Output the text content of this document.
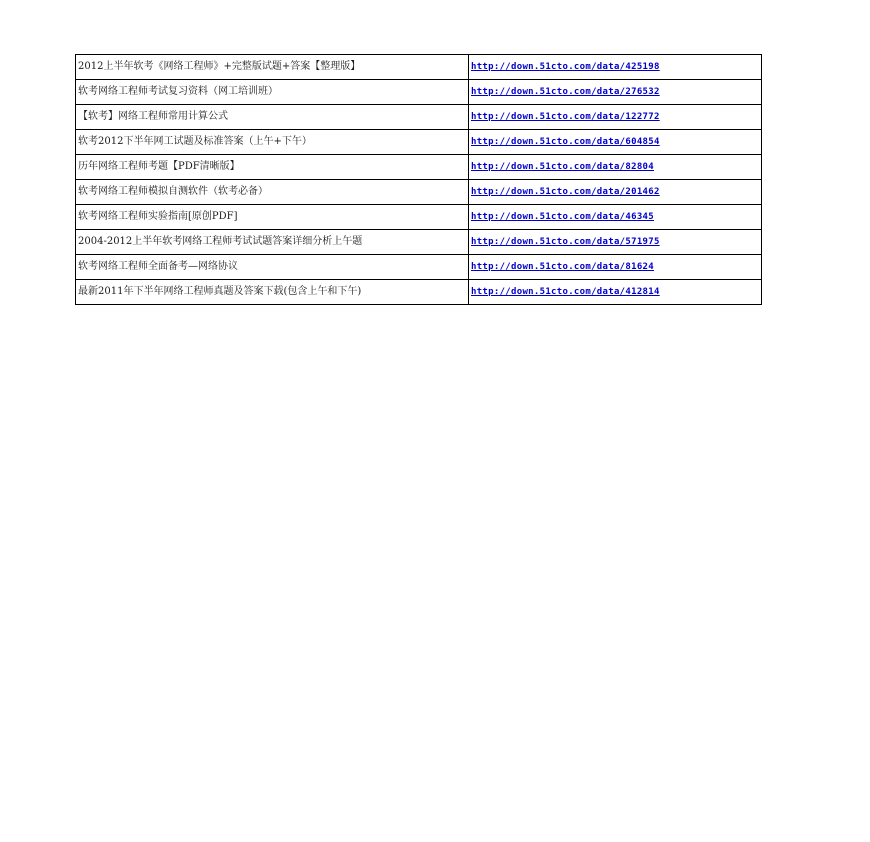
2012上半年软考《网络工程师》+完整版试题+答案【整理版】	http://down.51cto.com/data/425198
软考网络工程师考试复习资料（网工培训班）	http://down.51cto.com/data/276532
【软考】网络工程师常用计算公式	http://down.51cto.com/data/122772
软考2012下半年网工试题及标准答案（上午+下午）	http://down.51cto.com/data/604854
历年网络工程师考题【PDF清晰版】	http://down.51cto.com/data/82804
软考网络工程师模拟自测软件（软考必备）	http://down.51cto.com/data/201462
软考网络工程师实验指南[原创PDF]	http://down.51cto.com/data/46345
2004-2012上半年软考网络工程师考试试题答案详细分析上午题	http://down.51cto.com/data/571975
软考网络工程师全面备考—网络协议	http://down.51cto.com/data/81624
最新2011年下半年网络工程师真题及答案下载(包含上午和下午)	http://down.51cto.com/data/412814
